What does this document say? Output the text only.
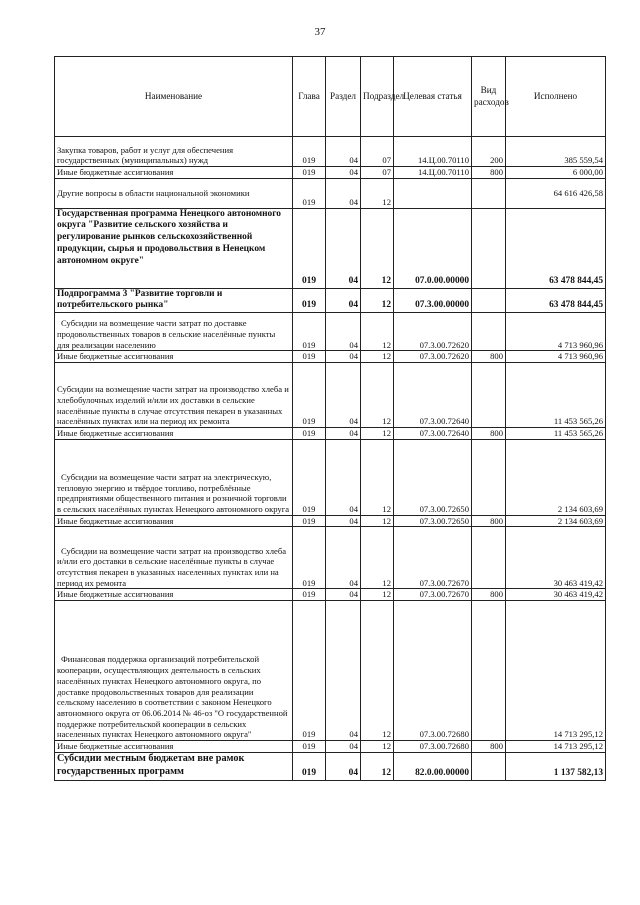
37
Наименование	Глава	Раздел	Подраздел	Целевая статья	Вид расходов	Исполнено
Закупка товаров, работ и услуг для обеспечения государственных (муниципальных) нужд	019	04	07	14.Ц.00.70110	200	385 559,54
Иные бюджетные ассигнования	019	04	07	14.Ц.00.70110	800	6 000,00
Другие вопросы в области национальной экономики	019	04	12			64 616 426,58
Государственная программа Ненецкого автономного округа "Развитие сельского хозяйства и регулирование рынков сельскохозяйственной продукции, сырья и продовольствия в Ненецком автономном округе"	019	04	12	07.0.00.00000		63 478 844,45
Подпрограмма 3 "Развитие торговли и потребительского рынка"	019	04	12	07.3.00.00000		63 478 844,45
Субсидии на возмещение части затрат по доставке продовольственных товаров в сельские населённые пункты для реализации населению	019	04	12	07.3.00.72620		4 713 960,96
Иные бюджетные ассигнования	019	04	12	07.3.00.72620	800	4 713 960,96
Субсидии на возмещение части затрат на производство хлеба и хлебобулочных изделий и/или их доставки в сельские населённые пункты в случае отсутствия пекарен в указанных населённых пунктах или на период их ремонта	019	04	12	07.3.00.72640		11 453 565,26
Иные бюджетные ассигнования	019	04	12	07.3.00.72640	800	11 453 565,26
Субсидии на возмещение части затрат на электрическую, тепловую энергию и твёрдое топливо, потреблённые предприятиями общественного питания и розничной торговли в сельских населённых пунктах Ненецкого автономного округа	019	04	12	07.3.00.72650		2 134 603,69
Иные бюджетные ассигнования	019	04	12	07.3.00.72650	800	2 134 603,69
Субсидии на возмещение части затрат на производство хлеба и/или его доставки в сельские населённые пункты в случае отсутствия пекарен в указанных населенных пунктах или на период их ремонта	019	04	12	07.3.00.72670		30 463 419,42
Иные бюджетные ассигнования	019	04	12	07.3.00.72670	800	30 463 419,42
Финансовая поддержка организаций потребительской кооперации, осуществляющих деятельность в сельских населённых пунктах Ненецкого автономного округа, по доставке продовольственных товаров для реализации сельскому населению в соответствии с законом Ненецкого автономного округа от 06.06.2014 № 46-оз "О государственной поддержке потребительской кооперации в сельских населенных пунктах Ненецкого автономного округа"	019	04	12	07.3.00.72680		14 713 295,12
Иные бюджетные ассигнования	019	04	12	07.3.00.72680	800	14 713 295,12
Субсидии местным бюджетам вне рамок государственных программ	019	04	12	82.0.00.00000		1 137 582,13
